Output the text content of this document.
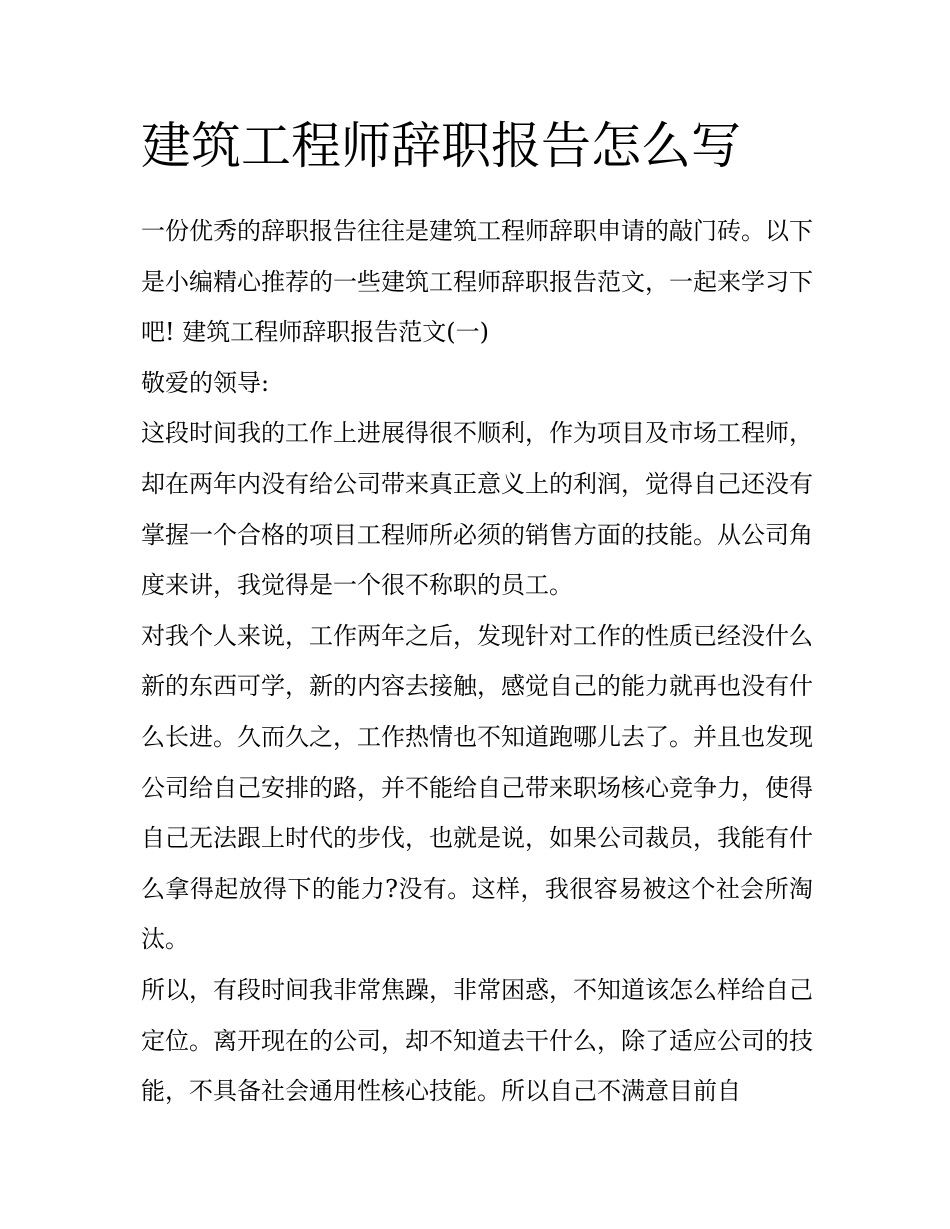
建筑工程师辞职报告怎么写

一份优秀的辞职报告往往是建筑工程师辞职申请的敲门砖。以下是小编精心推荐的一些建筑工程师辞职报告范文，一起来学习下吧! 建筑工程师辞职报告范文(一)

敬爱的领导:

这段时间我的工作上进展得很不顺利，作为项目及市场工程师，却在两年内没有给公司带来真正意义上的利润，觉得自己还没有掌握一个合格的项目工程师所必须的销售方面的技能。从公司角度来讲，我觉得是一个很不称职的员工。

对我个人来说，工作两年之后，发现针对工作的性质已经没什么新的东西可学，新的内容去接触，感觉自己的能力就再也没有什么长进。久而久之，工作热情也不知道跑哪儿去了。并且也发现公司给自己安排的路，并不能给自己带来职场核心竞争力，使得自己无法跟上时代的步伐，也就是说，如果公司裁员，我能有什么拿得起放得下的能力?没有。这样，我很容易被这个社会所淘汰。

所以，有段时间我非常焦躁，非常困惑，不知道该怎么样给自己定位。离开现在的公司，却不知道去干什么，除了适应公司的技能，不具备社会通用性核心技能。所以自己不满意目前自
